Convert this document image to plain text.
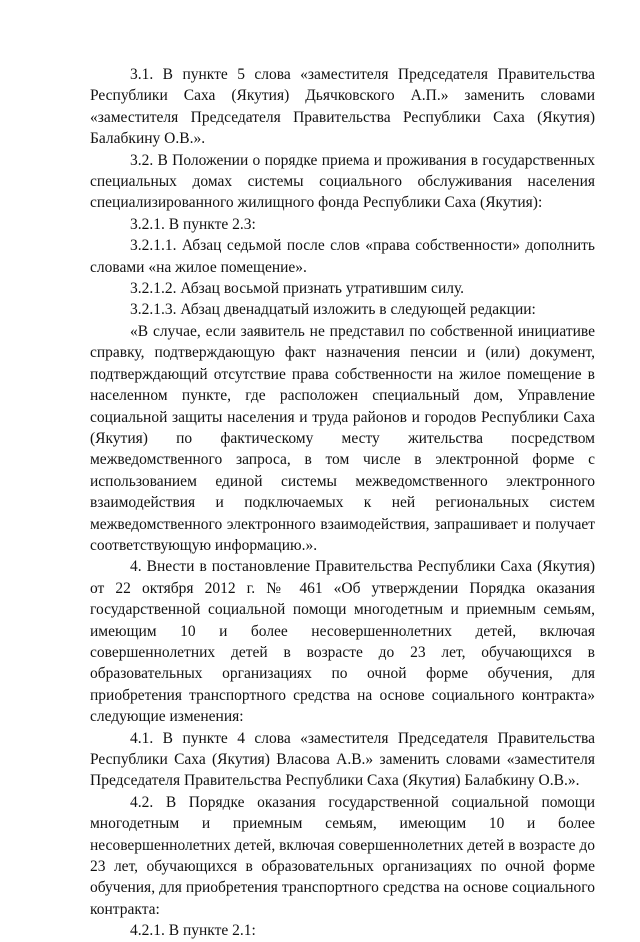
3.1. В пункте 5 слова «заместителя Председателя Правительства Республики Саха (Якутия) Дьячковского А.П.» заменить словами «заместителя Председателя Правительства Республики Саха (Якутия) Балабкину О.В.».

3.2. В Положении о порядке приема и проживания в государственных специальных домах системы социального обслуживания населения специализированного жилищного фонда Республики Саха (Якутия):

3.2.1. В пункте 2.3:

3.2.1.1. Абзац седьмой после слов «права собственности» дополнить словами «на жилое помещение».

3.2.1.2. Абзац восьмой признать утратившим силу.

3.2.1.3. Абзац двенадцатый изложить в следующей редакции:

«В случае, если заявитель не представил по собственной инициативе справку, подтверждающую факт назначения пенсии и (или) документ, подтверждающий отсутствие права собственности на жилое помещение в населенном пункте, где расположен специальный дом, Управление социальной защиты населения и труда районов и городов Республики Саха (Якутия) по фактическому месту жительства посредством межведомственного запроса, в том числе в электронной форме с использованием единой системы межведомственного электронного взаимодействия и подключаемых к ней региональных систем межведомственного электронного взаимодействия, запрашивает и получает соответствующую информацию.».

4. Внести в постановление Правительства Республики Саха (Якутия) от 22 октября 2012 г. № 461 «Об утверждении Порядка оказания государственной социальной помощи многодетным и приемным семьям, имеющим 10 и более несовершеннолетних детей, включая совершеннолетних детей в возрасте до 23 лет, обучающихся в образовательных организациях по очной форме обучения, для приобретения транспортного средства на основе социального контракта» следующие изменения:

4.1. В пункте 4 слова «заместителя Председателя Правительства Республики Саха (Якутия) Власова А.В.» заменить словами «заместителя Председателя Правительства Республики Саха (Якутия) Балабкину О.В.».

4.2. В Порядке оказания государственной социальной помощи многодетным и приемным семьям, имеющим 10 и более несовершеннолетних детей, включая совершеннолетних детей в возрасте до 23 лет, обучающихся в образовательных организациях по очной форме обучения, для приобретения транспортного средства на основе социального контракта:

4.2.1. В пункте 2.1:
